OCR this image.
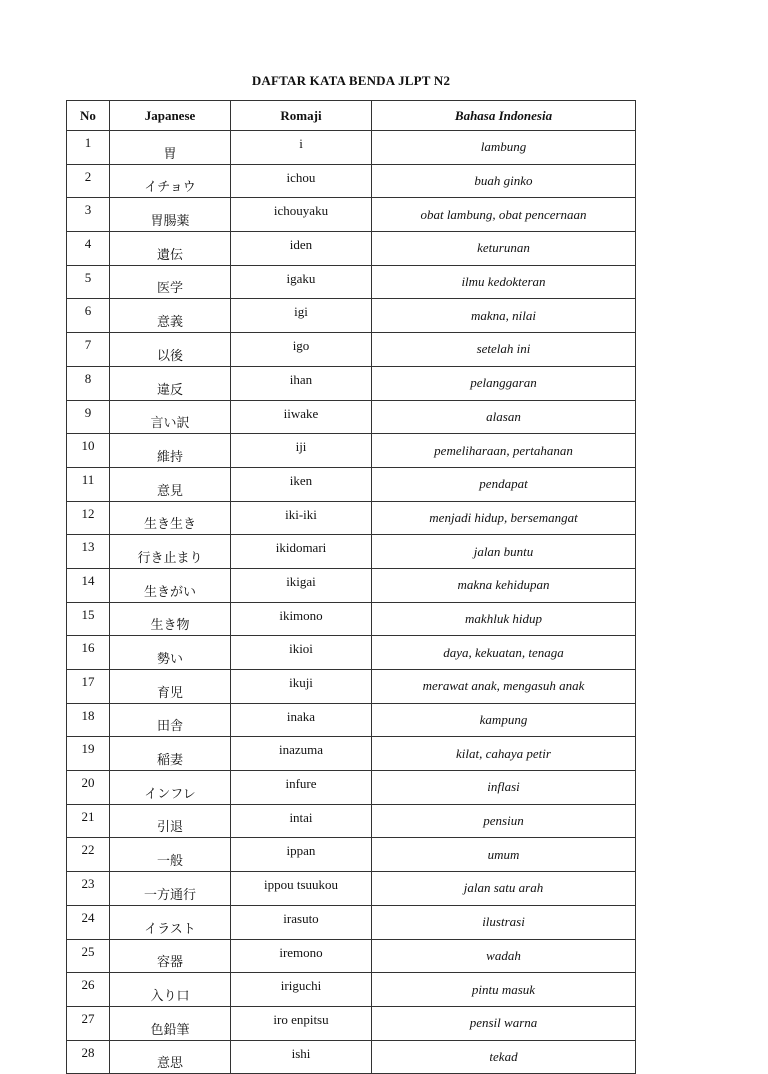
DAFTAR KATA BENDA JLPT N2
No	Japanese	Romaji	Bahasa Indonesia
1	胃	i	lambung
2	イチョウ	ichou	buah ginko
3	胃腸薬	ichouyaku	obat lambung, obat pencernaan
4	遺伝	iden	keturunan
5	医学	igaku	ilmu kedokteran
6	意義	igi	makna, nilai
7	以後	igo	setelah ini
8	違反	ihan	pelanggaran
9	言い訳	iiwake	alasan
10	維持	iji	pemeliharaan, pertahanan
11	意見	iken	pendapat
12	生き生き	iki-iki	menjadi hidup, bersemangat
13	行き止まり	ikidomari	jalan buntu
14	生きがい	ikigai	makna kehidupan
15	生き物	ikimono	makhluk hidup
16	勢い	ikioi	daya, kekuatan, tenaga
17	育児	ikuji	merawat anak, mengasuh anak
18	田舎	inaka	kampung
19	稲妻	inazuma	kilat, cahaya petir
20	インフレ	infure	inflasi
21	引退	intai	pensiun
22	一般	ippan	umum
23	一方通行	ippou tsuukou	jalan satu arah
24	イラスト	irasuto	ilustrasi
25	容器	iremono	wadah
26	入り口	iriguchi	pintu masuk
27	色鉛筆	iro enpitsu	pensil warna
28	意思	ishi	tekad
